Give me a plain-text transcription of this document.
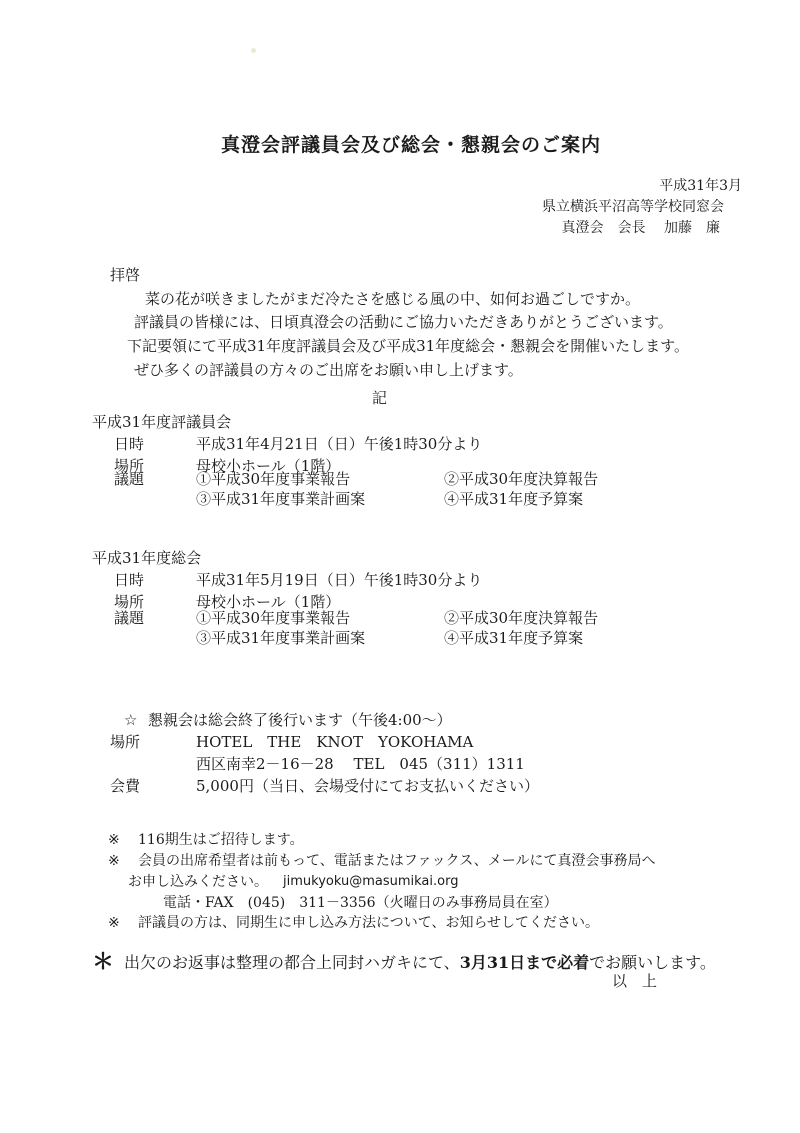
真澄会評議員会及び総会・懇親会のご案内
平成31年3月
県立横浜平沼高等学校同窓会
真澄会　会長　 加藤　廉
拝啓
菜の花が咲きましたがまだ冷たさを感じる風の中、如何お過ごしですか。
評議員の皆様には、日頃真澄会の活動にご協力いただきありがとうございます。
下記要領にて平成31年度評議員会及び平成31年度総会・懇親会を開催いたします。
ぜひ多くの評議員の方々のご出席をお願い申し上げます。
記
平成31年度評議員会
日時	平成31年4月21日（日）午後1時30分より
場所	母校小ホール（1階）
議題	①平成30年度事業報告	②平成30年度決算報告
③平成31年度事業計画案	④平成31年度予算案
平成31年度総会
日時	平成31年5月19日（日）午後1時30分より
場所	母校小ホール（1階）
議題	①平成30年度事業報告	②平成30年度決算報告
③平成31年度事業計画案	④平成31年度予算案
☆ 懇親会は総会終了後行います（午後4:00～）
場所	HOTEL　THE　KNOT　YOKOHAMA
西区南幸2－16－28　 TEL　045（311）1311
会費	5,000円（当日、会場受付にてお支払いください）
※ 116期生はご招待します。
※ 会員の出席希望者は前もって、電話またはファックス、メールにて真澄会事務局へ
お申し込みください。 jimukyoku@masumikai.org
電話・FAX　(045)　311－3356（火曜日のみ事務局員在室）
※ 評議員の方は、同期生に申し込み方法について、お知らせしてください。
＊ 出欠のお返事は整理の都合上同封ハガキにて、3月31日まで必着でお願いします。
以　上
